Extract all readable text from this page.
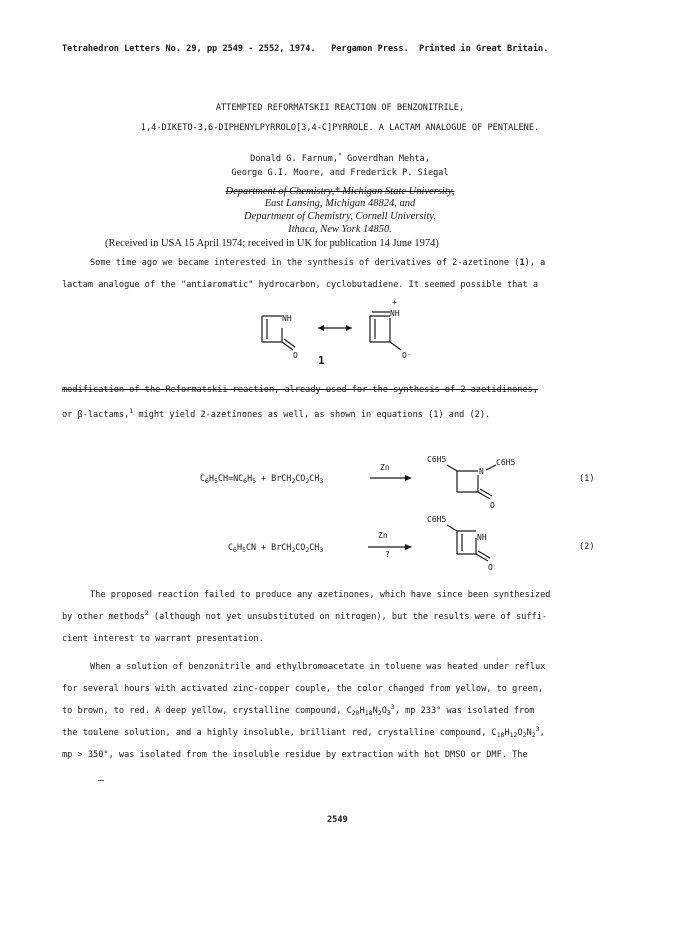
Tetrahedron Letters No. 29, pp 2549 - 2552, 1974. Pergamon Press. Printed in Great Britain.
ATTEMPTED REFORMATSKII REACTION OF BENZONITRILE,
1,4-DIKETO-3,6-DIPHENYLPYRROLO[3,4-C]PYRROLE. A LACTAM ANALOGUE OF PENTALENE.
Donald G. Farnum,* Goverdhan Mehta,
George G.I. Moore, and Frederick P. Siegal
Department of Chemistry,* Michigan State University,
East Lansing, Michigan 48824, and
Department of Chemistry, Cornell University,
Ithaca, New York 14850.
(Received in USA 15 April 1974; received in UK for publication 14 June 1974)
Some time ago we became interested in the synthesis of derivatives of 2-azetinone (1), a
lactam analogue of the "antiaromatic" hydrocarbon, cyclobutadiene. It seemed possible that a
NH
O
+
NH
O⁻
1
modification of the Reformatskii reaction, already used for the synthesis of 2-azetidinones,
or β-lactams,$^1$ might yield 2-azetinones as well, as shown in equations (1) and (2).
$C_6H_5CH=NC_6H_5$ + $BrCH_2CO_2CH_3$	(1)
Zn
C6H5
N
C6H5
O
$C_6H_5CN$ + $BrCH_2CO_2CH_3$	(2)
Zn
?
C6H5
NH
O
The proposed reaction failed to produce any azetinones, which have since been synthesized
by other methods$^2$ (although not yet unsubstituted on nitrogen), but the results were of suffi-
cient interest to warrant presentation.
When a solution of benzonitrile and ethylbromoacetate in toluene was heated under reflux
for several hours with activated zinc-copper couple, the color changed from yellow, to green,
to brown, to red. A deep yellow, crystalline compound, $C_{20}H_{18}N_2O_3^3$, mp 233° was isolated from
the toulene solution, and a highly insoluble, brilliant red, crystalline compound, $C_{18}H_{12}O_2N_2^3$,
mp > 350°, was isolated from the insoluble residue by extraction with hot DMSO or DMF. The
2549
